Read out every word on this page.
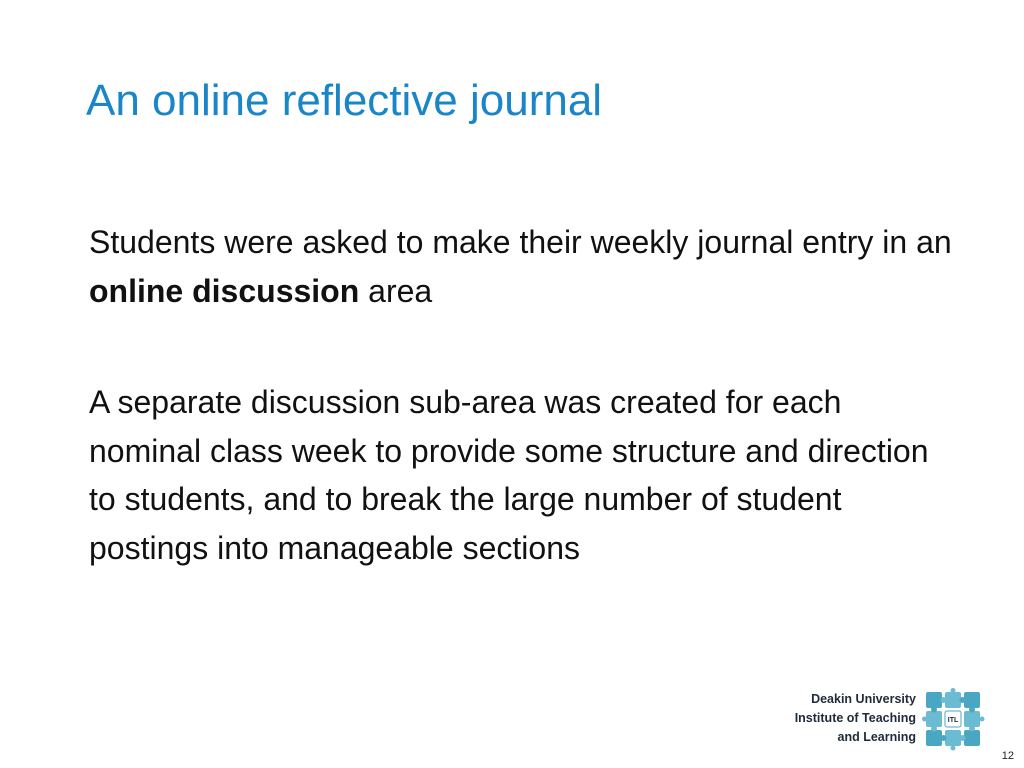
An online reflective journal

Students were asked to make their weekly journal entry in an online discussion area

A separate discussion sub-area was created for each nominal class week to provide some structure and direction to students, and to break the large number of student postings into manageable sections

Deakin University
Institute of Teaching
and Learning
ITL
12
